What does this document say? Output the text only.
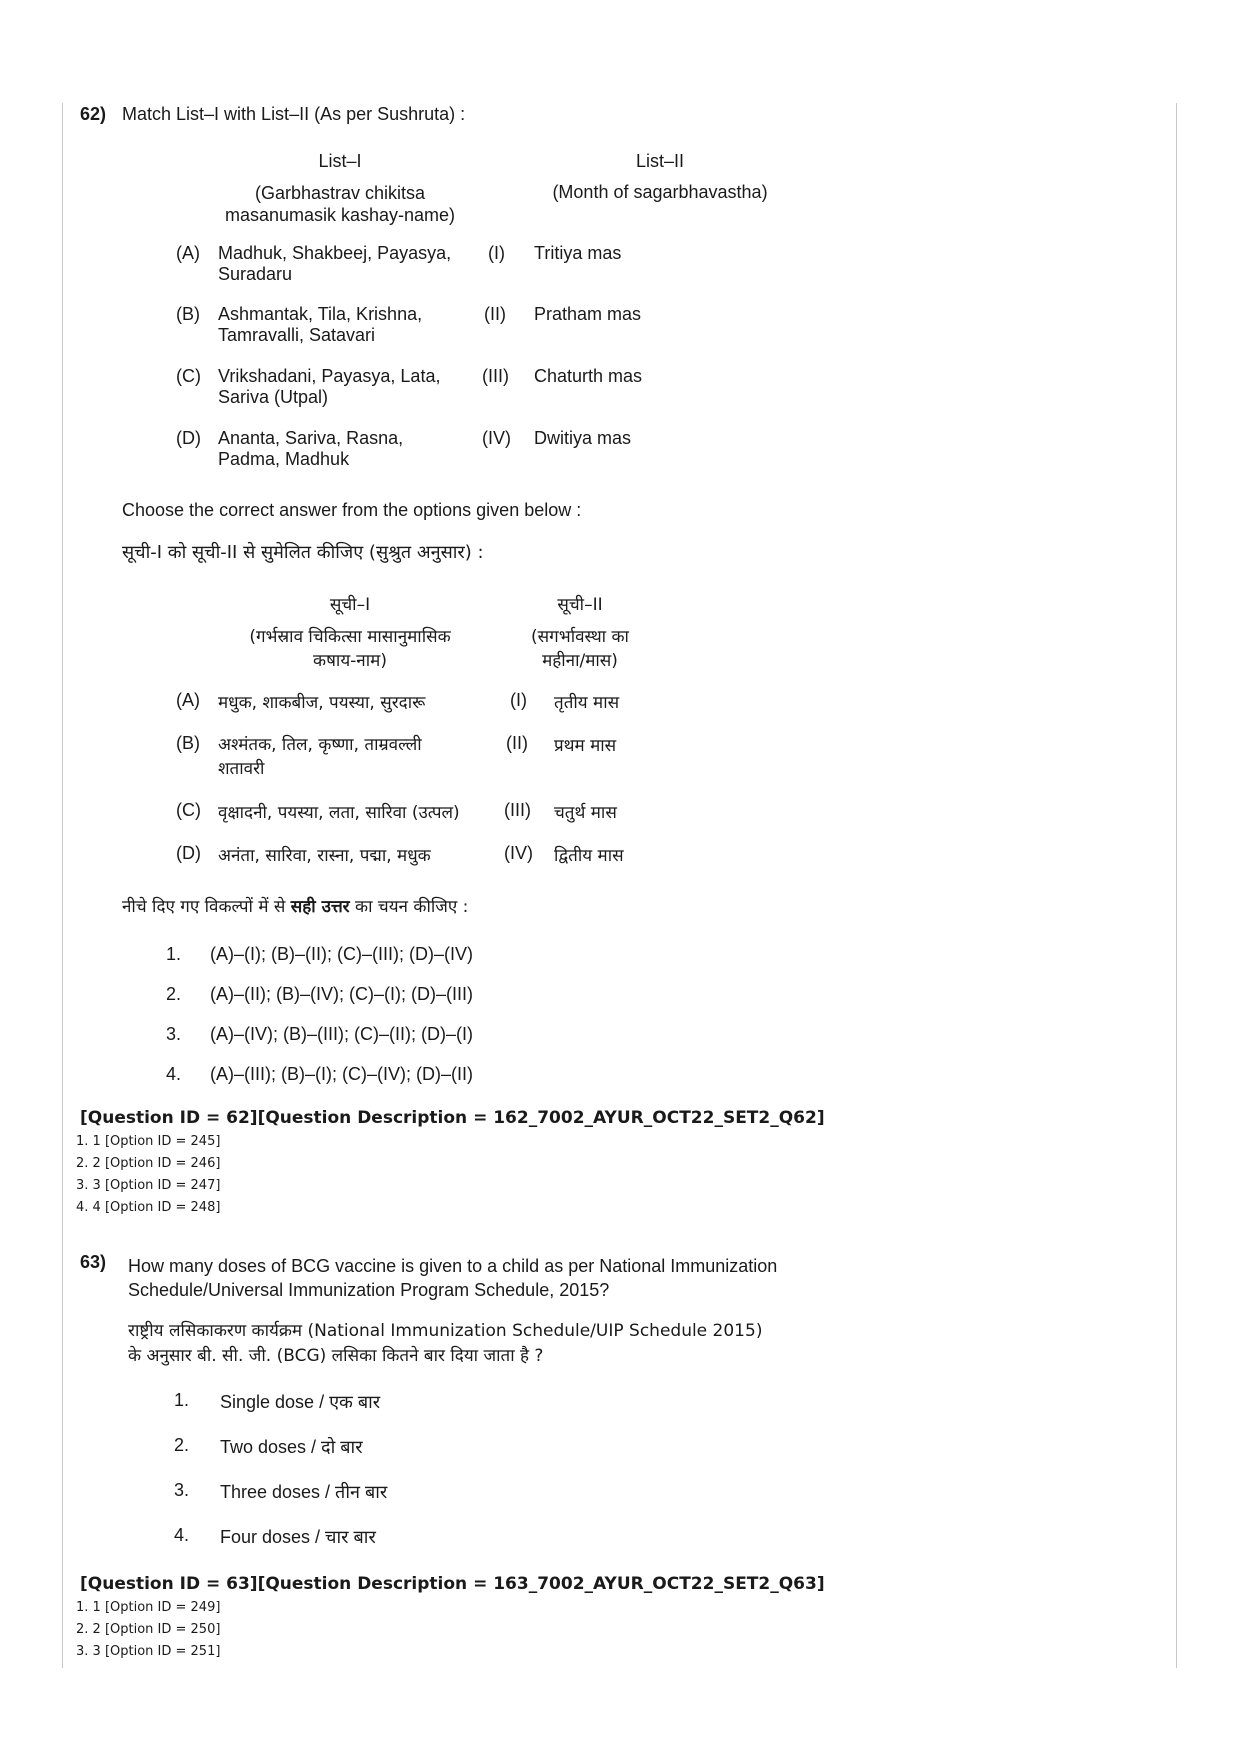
62) Match List–I with List–II (As per Sushruta) :
List–I
(Garbhastrav chikitsa masanumasik kashay-name)
List–II
(Month of sagarbhavastha)
(A) Madhuk, Shakbeej, Payasya, Suradaru
(I) Tritiya mas
(B) Ashmantak, Tila, Krishna, Tamravalli, Satavari
(II) Pratham mas
(C) Vrikshadani, Payasya, Lata, Sariva (Utpal)
(III) Chaturth mas
(D) Ananta, Sariva, Rasna, Padma, Madhuk
(IV) Dwitiya mas
Choose the correct answer from the options given below :
सूची-I को सूची-II से सुमेलित कीजिए (सुश्रुत अनुसार) :
सूची–I
(गर्भस्राव चिकित्सा मासानुमासिक
कषाय-नाम)
सूची–II
(सगर्भावस्था का
महीना/मास)
(A) मधुक, शाकबीज, पयस्या, सुरदारू	(I) तृतीय मास
(B) अश्मंतक, तिल, कृष्णा, ताम्रवल्ली शतावरी
(II) प्रथम मास
(C) वृक्षादनी, पयस्या, लता, सारिवा (उत्पल) (III) चतुर्थ मास
(D) अनंता, सारिवा, रास्ना, पद्मा, मधुक	(IV) द्वितीय मास
नीचे दिए गए विकल्पों में से सही उत्तर का चयन कीजिए :
1. (A)–(I); (B)–(II); (C)–(III); (D)–(IV)
2. (A)–(II); (B)–(IV); (C)–(I); (D)–(III)
3. (A)–(IV); (B)–(III); (C)–(II); (D)–(I)
4. (A)–(III); (B)–(I); (C)–(IV); (D)–(II)
[Question ID = 62][Question Description = 162_7002_AYUR_OCT22_SET2_Q62]
1. 1 [Option ID = 245]
2. 2 [Option ID = 246]
3. 3 [Option ID = 247]
4. 4 [Option ID = 248]
63) How many doses of BCG vaccine is given to a child as per National Immunization
Schedule/Universal Immunization Program Schedule, 2015?
राष्ट्रीय लसिकाकरण कार्यक्रम (National Immunization Schedule/UIP Schedule 2015)
के अनुसार बी. सी. जी. (BCG) लसिका कितने बार दिया जाता है ?
1. Single dose / एक बार
2. Two doses / दो बार
3. Three doses / तीन बार
4. Four doses / चार बार
[Question ID = 63][Question Description = 163_7002_AYUR_OCT22_SET2_Q63]
1. 1 [Option ID = 249]
2. 2 [Option ID = 250]
3. 3 [Option ID = 251]
